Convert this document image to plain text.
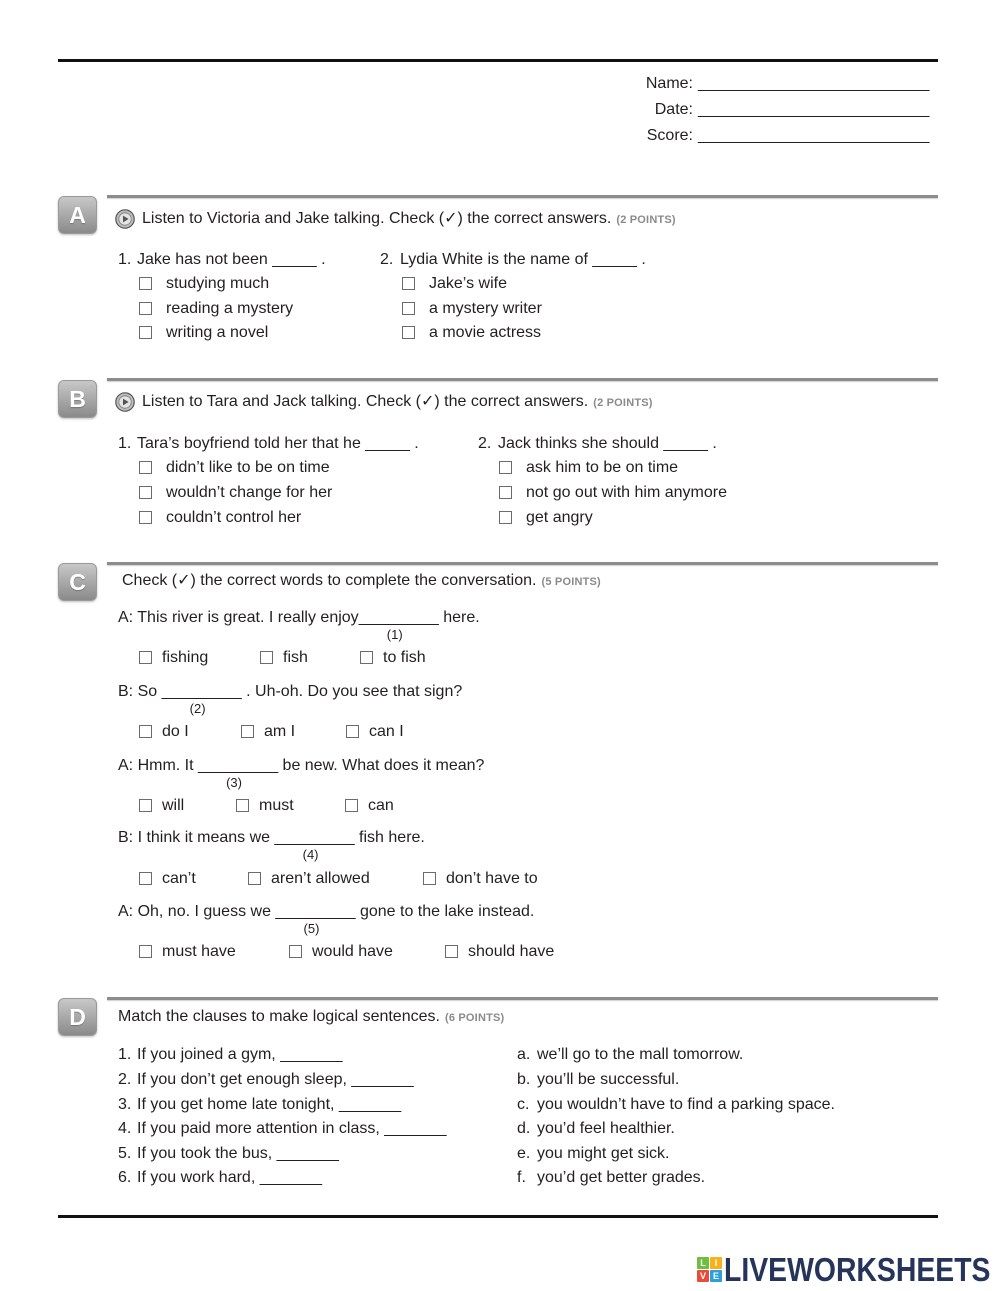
Name: __________________________
Date: __________________________
Score: __________________________
A	Listen to Victoria and Jake talking. Check (✓) the correct answers. (2 POINTS)
1. Jake has not been _____ .
studying much
reading a mystery
writing a novel
2. Lydia White is the name of _____ .
Jake’s wife
a mystery writer
a movie actress
B	Listen to Tara and Jack talking. Check (✓) the correct answers. (2 POINTS)
1. Tara’s boyfriend told her that he _____ .
didn’t like to be on time
wouldn’t change for her
couldn’t control her
2. Jack thinks she should _____ .
ask him to be on time
not go out with him anymore
get angry
C	Check (✓) the correct words to complete the conversation. (5 POINTS)
A: This river is great. I really enjoy_________
(1)
here.
fishing	fish	to fish
B: So _________
(2)
. Uh-oh. Do you see that sign?
do I	am I	can I
A: Hmm. It _________
(3)
be new. What does it mean?
will	must	can
B: I think it means we _________
(4)
fish here.
can’t	aren’t allowed	don’t have to
A: Oh, no. I guess we _________
(5)
gone to the lake instead.
must have	would have	should have
D	Match the clauses to make logical sentences. (6 POINTS)
1. If you joined a gym, _______
2. If you don’t get enough sleep, _______
3. If you get home late tonight, _______
4. If you paid more attention in class, _______
5. If you took the bus, _______
6. If you work hard, _______
a. we’ll go to the mall tomorrow.
b. you’ll be successful.
c. you wouldn’t have to find a parking space.
d. you’d feel healthier.
e. you might get sick.
f. you’d get better grades.
L I
V E LIVEWORKSHEETS
